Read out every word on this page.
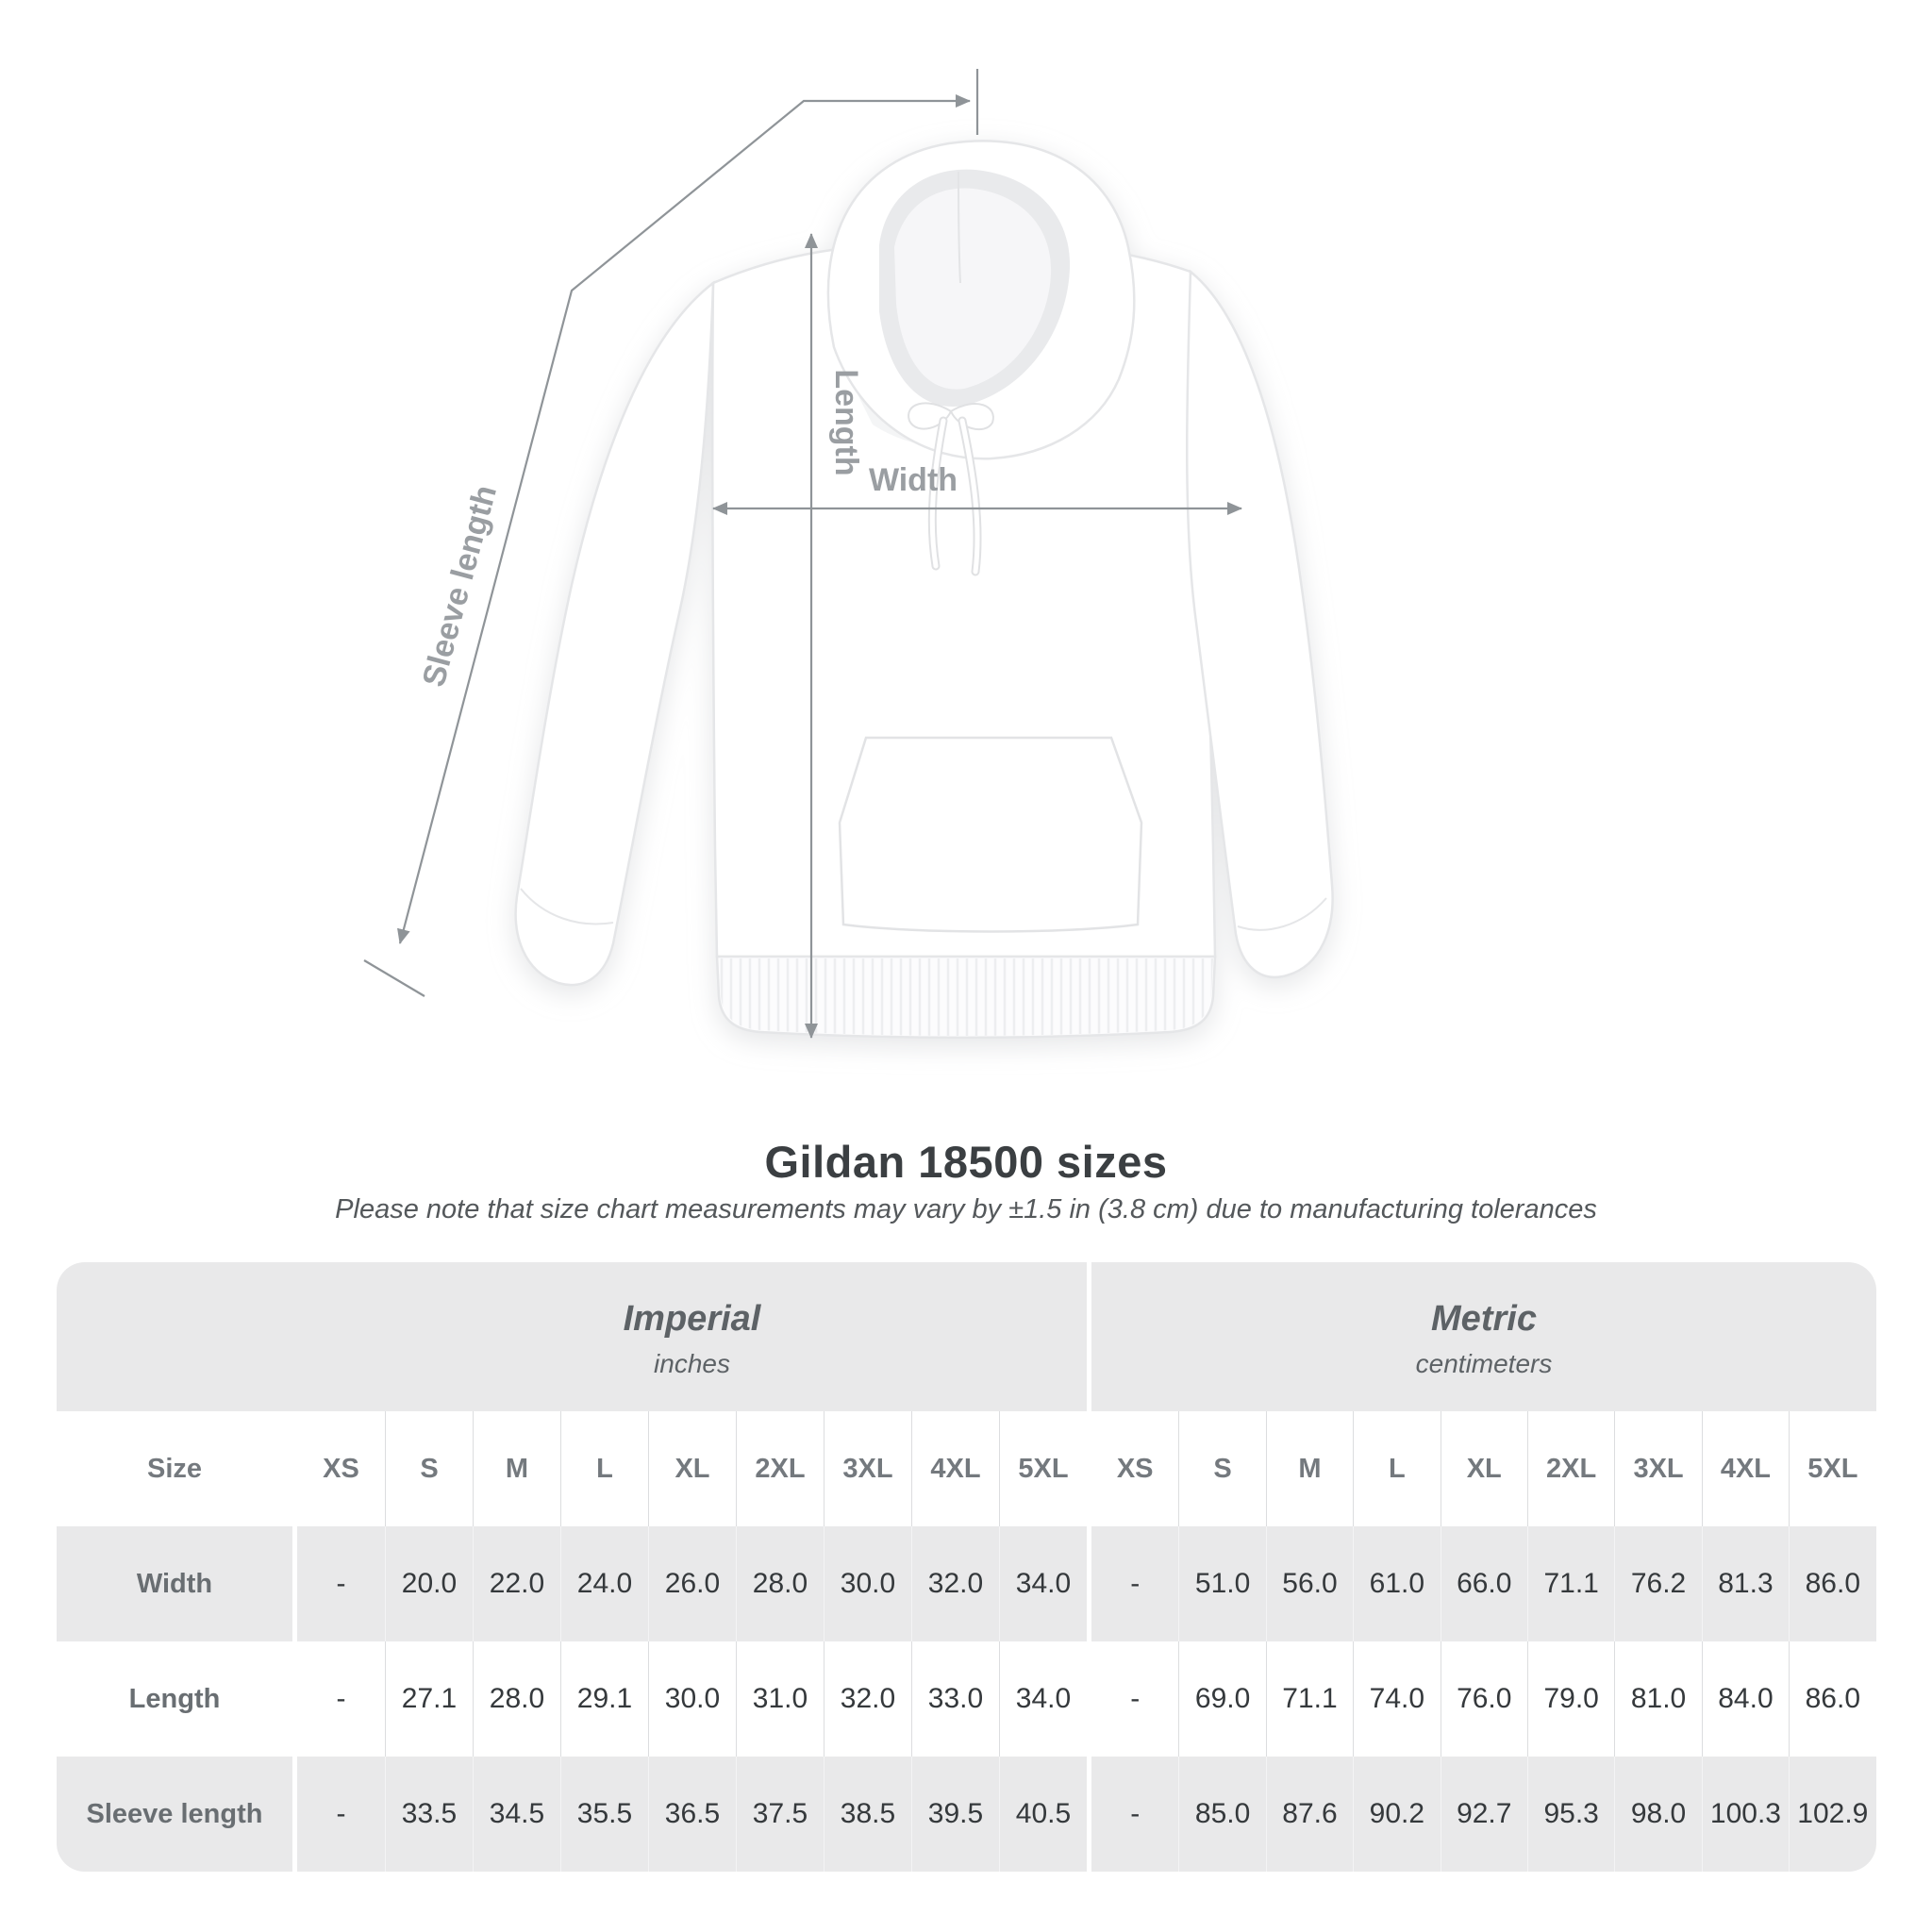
Width
Length
Sleeve length
Gildan 18500 sizes
Please note that size chart measurements may vary by ±1.5 in (3.8 cm) due to manufacturing tolerances
Imperial
inches
Metric
centimeters
Size	XS	S	M	L	XL	2XL	3XL	4XL	5XL	XS	S	M	L	XL	2XL	3XL	4XL	5XL
Width	-	20.0	22.0	24.0	26.0	28.0	30.0	32.0	34.0	-	51.0	56.0	61.0	66.0	71.1	76.2	81.3	86.0
Length	-	27.1	28.0	29.1	30.0	31.0	32.0	33.0	34.0	-	69.0	71.1	74.0	76.0	79.0	81.0	84.0	86.0
Sleeve length	-	33.5	34.5	35.5	36.5	37.5	38.5	39.5	40.5	-	85.0	87.6	90.2	92.7	95.3	98.0 100.3 102.9
